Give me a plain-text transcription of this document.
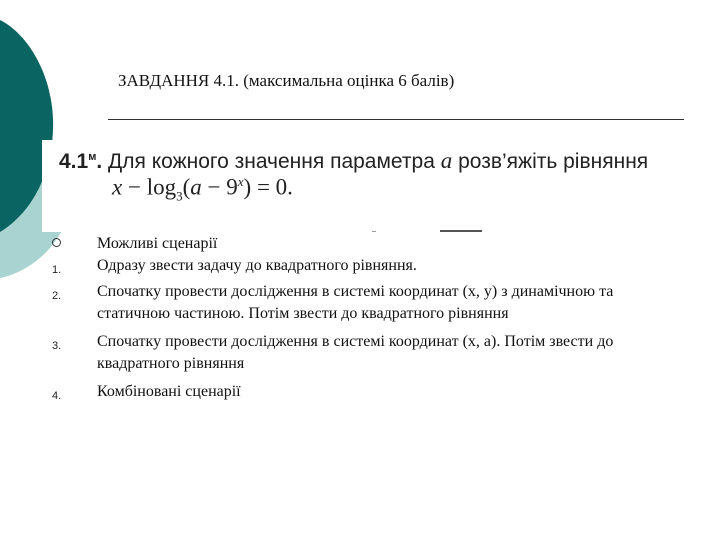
ЗАВДАННЯ 4.1. (максимальна оцінка 6 балів)
$4.1^м$. Для кожного значення параметра a розв’яжіть рівняння
$x - \log_3(a - 9^x) = 0$.
Можливі сценарії
1. Одразу звести задачу до квадратного рівняння.
2. Спочатку провести дослідження в системі координат (x, y) з динамічною та статичною частиною. Потім звести до квадратного рівняння
3. Спочатку провести дослідження в системі координат (x, a). Потім звести до квадратного рівняння
4. Комбіновані сценарії
